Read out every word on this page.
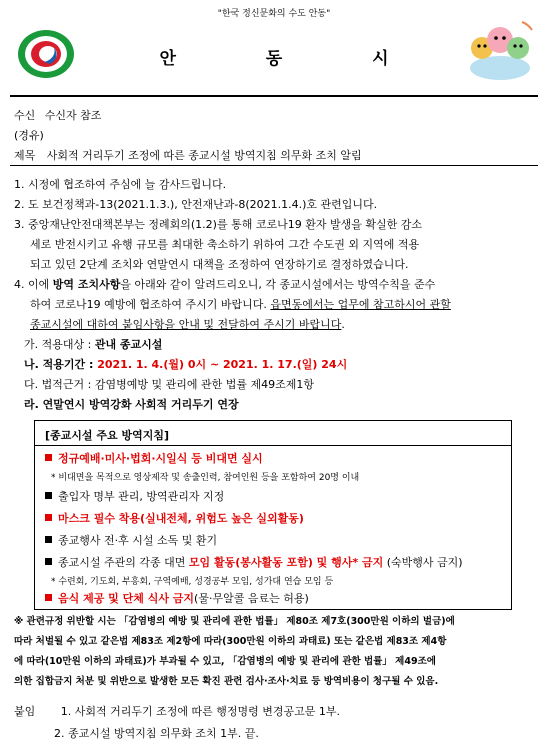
"한국 정신문화의 수도 안동"
안 동 시
수신 수신자 참조
(경유)
제목 사회적 거리두기 조정에 따른 종교시설 방역지침 의무화 조치 알림
1. 시정에 협조하여 주심에 늘 감사드립니다.
2. 도 보건정책과-13(2021.1.3.), 안전재난과-8(2021.1.4.)호 관련입니다.
3. 중앙재난안전대책본부는 정례회의(1.2)를 통해 코로나19 환자 발생을 확실한 감소
세로 반전시키고 유행 규모를 최대한 축소하기 위하여 그간 수도권 외 지역에 적용
되고 있던 2단계 조치와 연말연시 대책을 조정하여 연장하기로 결정하였습니다.
4. 이에 방역 조치사항을 아래와 같이 알려드리오니, 각 종교시설에서는 방역수칙을 준수
하여 코로나19 예방에 협조하여 주시기 바랍니다. 읍면동에서는 업무에 참고하시어 관할
종교시설에 대하여 붙임사항을 안내 및 전달하여 주시기 바랍니다.
가. 적용대상 : 관내 종교시설
나. 적용기간 : 2021. 1. 4.(월) 0시 ~ 2021. 1. 17.(일) 24시
다. 법적근거 : 감염병예방 및 관리에 관한 법률 제49조제1항
라. 연말연시 방역강화 사회적 거리두기 연장
[종교시설 주요 방역지침]
정규예배·미사·법회·시일식 등 비대면 실시
* 비대면을 목적으로 영상제작 및 송출인력, 참여인원 등을 포함하여 20명 이내
출입자 명부 관리, 방역관리자 지정
마스크 필수 착용(실내전체, 위험도 높은 실외활동)
종교행사 전‧후 시설 소독 및 환기
종교시설 주관의 각종 대면 모임 활동(봉사활동 포함) 및 행사* 금지 (숙박행사 금지)
* 수련회, 기도회, 부흥회, 구역예배, 성경공부 모임, 성가대 연습 모임 등
음식 제공 및 단체 식사 금지(물‧무알콜 음료는 허용)
※ 관련규정 위반할 시는 「감염병의 예방 및 관리에 관한 법률」 제80조 제7호(300만원 이하의 벌금)에
따라 처벌될 수 있고 같은법 제83조 제2항에 따라(300만원 이하의 과태료) 또는 같은법 제83조 제4항
에 따라(10만원 이하의 과태료)가 부과될 수 있고, 「감염병의 예방 및 관리에 관한 법률」 제49조에
의한 집합금지 처분 및 위반으로 발생한 모든 확진 관련 검사·조사·치료 등 방역비용이 청구될 수 있음.
붙임 1. 사회적 거리두기 조정에 따른 행정명령 변경공고문 1부.
2. 종교시설 방역지침 의무화 조치 1부. 끝.
